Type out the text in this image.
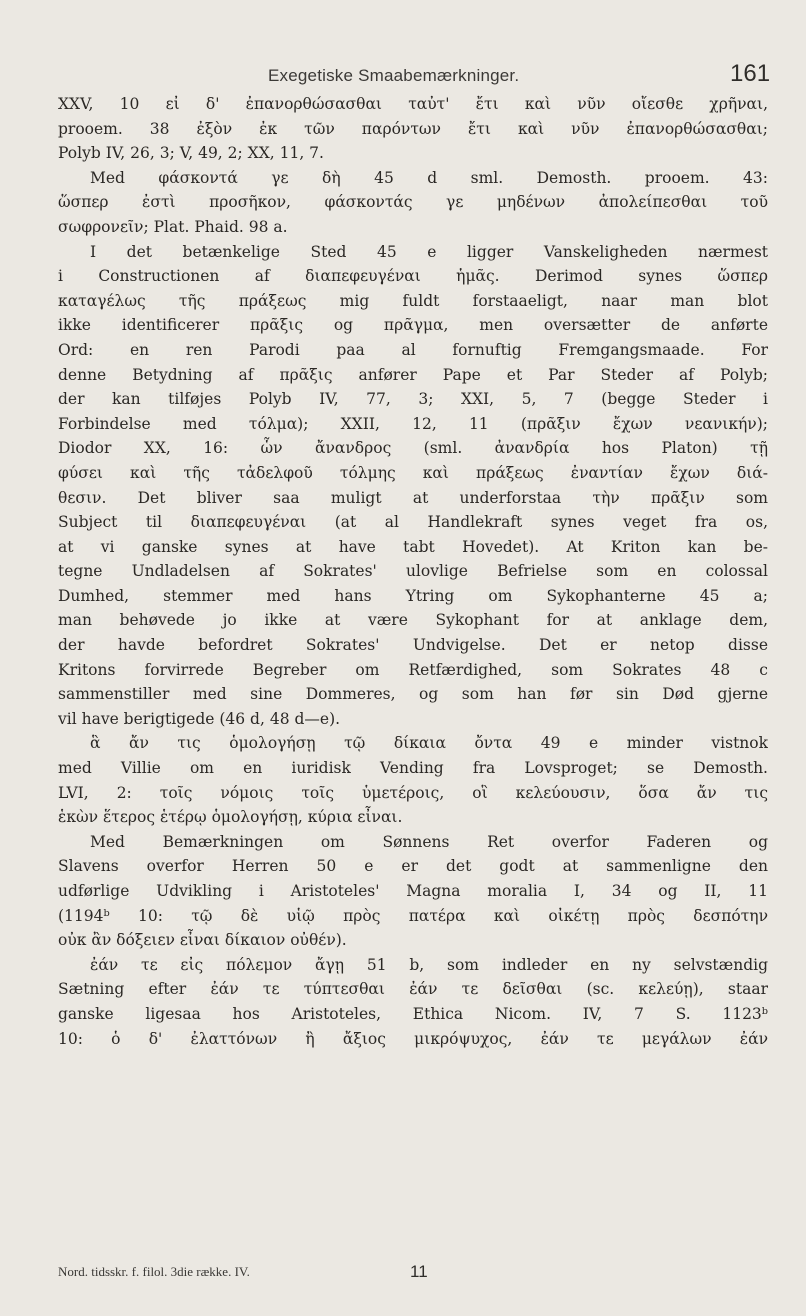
Exegetiske Smaabemærkninger.	161
XXV, 10 εἰ δ' ἐπανορθώσασθαι ταὐτ' ἔτι καὶ νῦν οἴεσθε χρῆναι,
prooem. 38 ἐξὸν ἐκ τῶν παρόντων ἔτι καὶ νῦν ἐπανορθώσασθαι;
Polyb IV, 26, 3; V, 49, 2; XX, 11, 7.
Med φάσκοντά γε δὴ 45 d sml. Demosth. prooem. 43:
ὥσπερ ἐστὶ προσῆκον, φάσκοντάς γε μηδένων ἀπολείπεσθαι τοῦ
σωφρονεῖν; Plat. Phaid. 98 a.
I det betænkelige Sted 45 e ligger Vanskeligheden nærmest
i Constructionen af διαπεφευγέναι ἡμᾶς. Derimod synes ὥσπερ
καταγέλως τῆς πράξεως mig fuldt forstaaeligt, naar man blot
ikke identificerer πρᾶξις og πρᾶγμα, men oversætter de anførte
Ord: en ren Parodi paa al fornuftig Fremgangsmaade. For
denne Betydning af πρᾶξις anfører Pape et Par Steder af Polyb;
der kan tilføjes Polyb IV, 77, 3; XXI, 5, 7 (begge Steder i
Forbindelse med τόλμα); XXII, 12, 11 (πρᾶξιν ἔχων νεανικήν);
Diodor XX, 16: ὧν ἄνανδρος (sml. ἀνανδρία hos Platon) τῇ
φύσει καὶ τῆς τἀδελφοῦ τόλμης καὶ πράξεως ἐναντίαν ἔχων διά-
θεσιν. Det bliver saa muligt at underforstaa τὴν πρᾶξιν som
Subject til διαπεφευγέναι (at al Handlekraft synes veget fra os,
at vi ganske synes at have tabt Hovedet). At Kriton kan be-
tegne Undladelsen af Sokrates' ulovlige Befrielse som en colossal
Dumhed, stemmer med hans Ytring om Sykophanterne 45 a;
man behøvede jo ikke at være Sykophant for at anklage dem,
der havde befordret Sokrates' Undvigelse. Det er netop disse
Kritons forvirrede Begreber om Retfærdighed, som Sokrates 48 c
sammenstiller med sine Dommeres, og som han før sin Død gjerne
vil have berigtigede (46 d, 48 d—e).
ἃ ἄν τις ὁμολογήσῃ τῷ δίκαια ὄντα 49 e minder vistnok
med Villie om en iuridisk Vending fra Lovsproget; se Demosth.
LVI, 2: τοῖς νόμοις τοῖς ὑμετέροις, οἳ κελεύουσιν, ὅσα ἄν τις
ἑκὼν ἕτερος ἑτέρῳ ὁμολογήσῃ, κύρια εἶναι.
Med Bemærkningen om Sønnens Ret overfor Faderen og
Slavens overfor Herren 50 e er det godt at sammenligne den
udførlige Udvikling i Aristoteles' Magna moralia I, 34 og II, 11
(1194ᵇ 10: τῷ δὲ υἱῷ πρὸς πατέρα καὶ οἰκέτῃ πρὸς δεσπότην
οὐκ ἂν δόξειεν εἶναι δίκαιον οὐθέν).
ἐάν τε εἰς πόλεμον ἄγῃ 51 b, som indleder en ny selvstændig
Sætning efter ἐάν τε τύπτεσθαι ἐάν τε δεῖσθαι (sc. κελεύῃ), staar
ganske ligesaa hos Aristoteles, Ethica Nicom. IV, 7 S. 1123ᵇ
10: ὁ δ' ἐλαττόνων ἢ ἄξιος μικρόψυχος, ἐάν τε μεγάλων ἐάν
Nord. tidsskr. f. filol. 3die række. IV.	11
